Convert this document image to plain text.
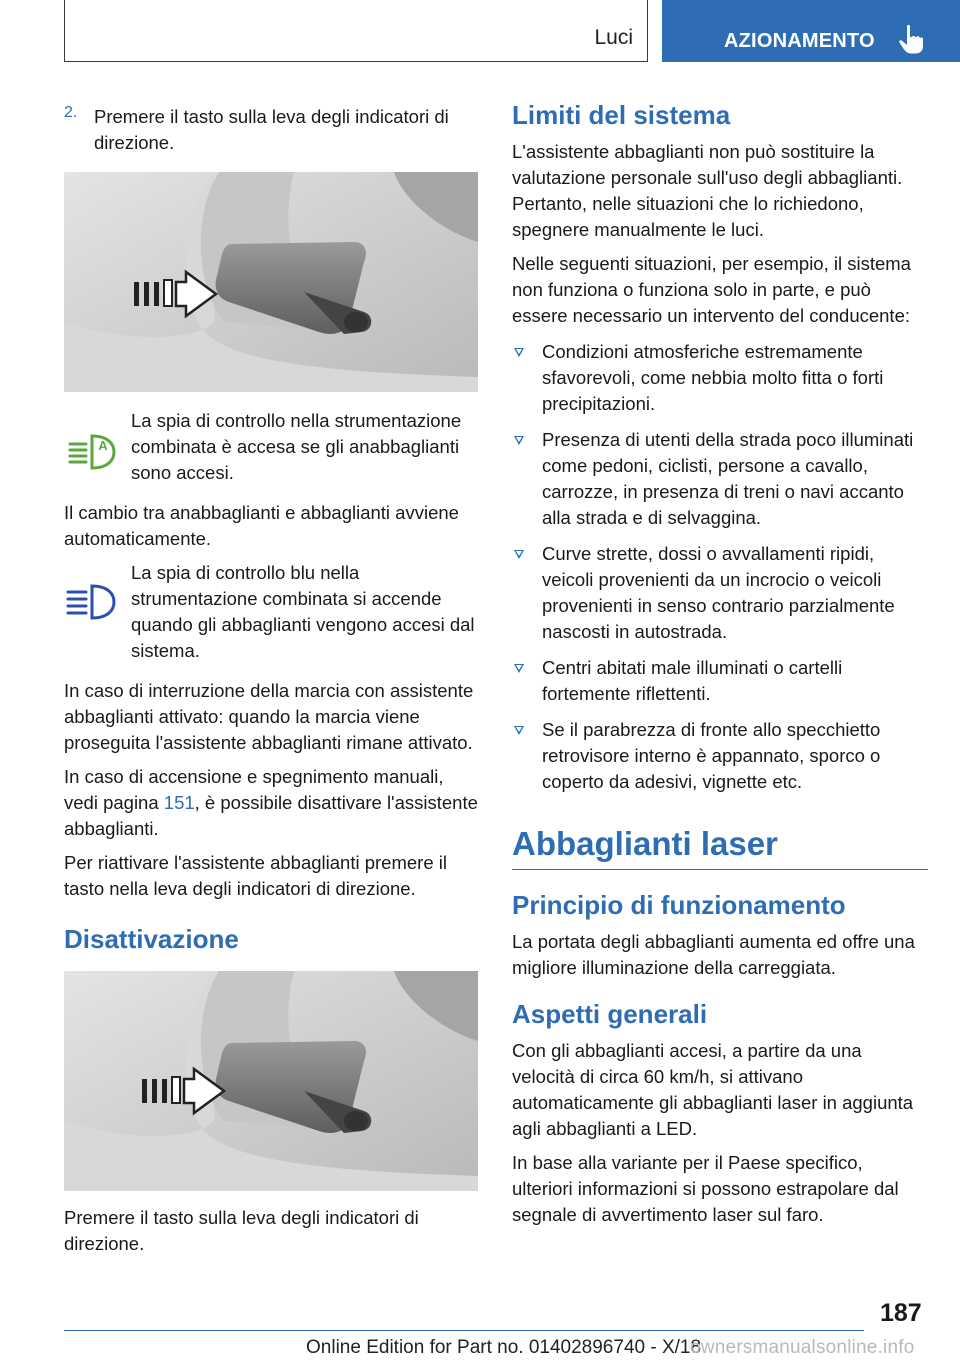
Luci	AZIONAMENTO
2. Premere il tasto sulla leva degli indicatori di direzione.

A

La spia di controllo nella strumentazione combinata è accesa se gli anabbaglianti sono accesi.

Il cambio tra anabbaglianti e abbaglianti avviene automaticamente.

La spia di controllo blu nella strumentazione combinata si accende quando gli abbaglianti vengono accesi dal sistema.

In caso di interruzione della marcia con assistente abbaglianti attivato: quando la marcia viene proseguita l'assistente abbaglianti rimane attivato.

In caso di accensione e spegnimento manuali, vedi pagina 151, è possibile disattivare l'assistente abbaglianti.

Per riattivare l'assistente abbaglianti premere il tasto nella leva degli indicatori di direzione.

Disattivazione

Premere il tasto sulla leva degli indicatori di direzione.

Limiti del sistema

L'assistente abbaglianti non può sostituire la valutazione personale sull'uso degli abbaglianti. Pertanto, nelle situazioni che lo richiedono, spegnere manualmente le luci.

Nelle seguenti situazioni, per esempio, il sistema non funziona o funziona solo in parte, e può essere necessario un intervento del conducente:

Condizioni atmosferiche estremamente sfavorevoli, come nebbia molto fitta o forti precipitazioni.
Presenza di utenti della strada poco illuminati come pedoni, ciclisti, persone a cavallo, carrozze, in presenza di treni o navi accanto alla strada e di selvaggina.
Curve strette, dossi o avvallamenti ripidi, veicoli provenienti da un incrocio o veicoli provenienti in senso contrario parzialmente nascosti in autostrada.
Centri abitati male illuminati o cartelli fortemente riflettenti.
Se il parabrezza di fronte allo specchietto retrovisore interno è appannato, sporco o coperto da adesivi, vignette etc.
Abbaglianti laser
Principio di funzionamento

La portata degli abbaglianti aumenta ed offre una migliore illuminazione della carreggiata.

Aspetti generali

Con gli abbaglianti accesi, a partire da una velocità di circa 60 km/h, si attivano automaticamente gli abbaglianti laser in aggiunta agli abbaglianti a LED.

In base alla variante per il Paese specifico, ulteriori informazioni si possono estrapolare dal segnale di avvertimento laser sul faro.

187
Online Edition for Part no. 01402896740 - X/18
ownersmanualsonline.info
